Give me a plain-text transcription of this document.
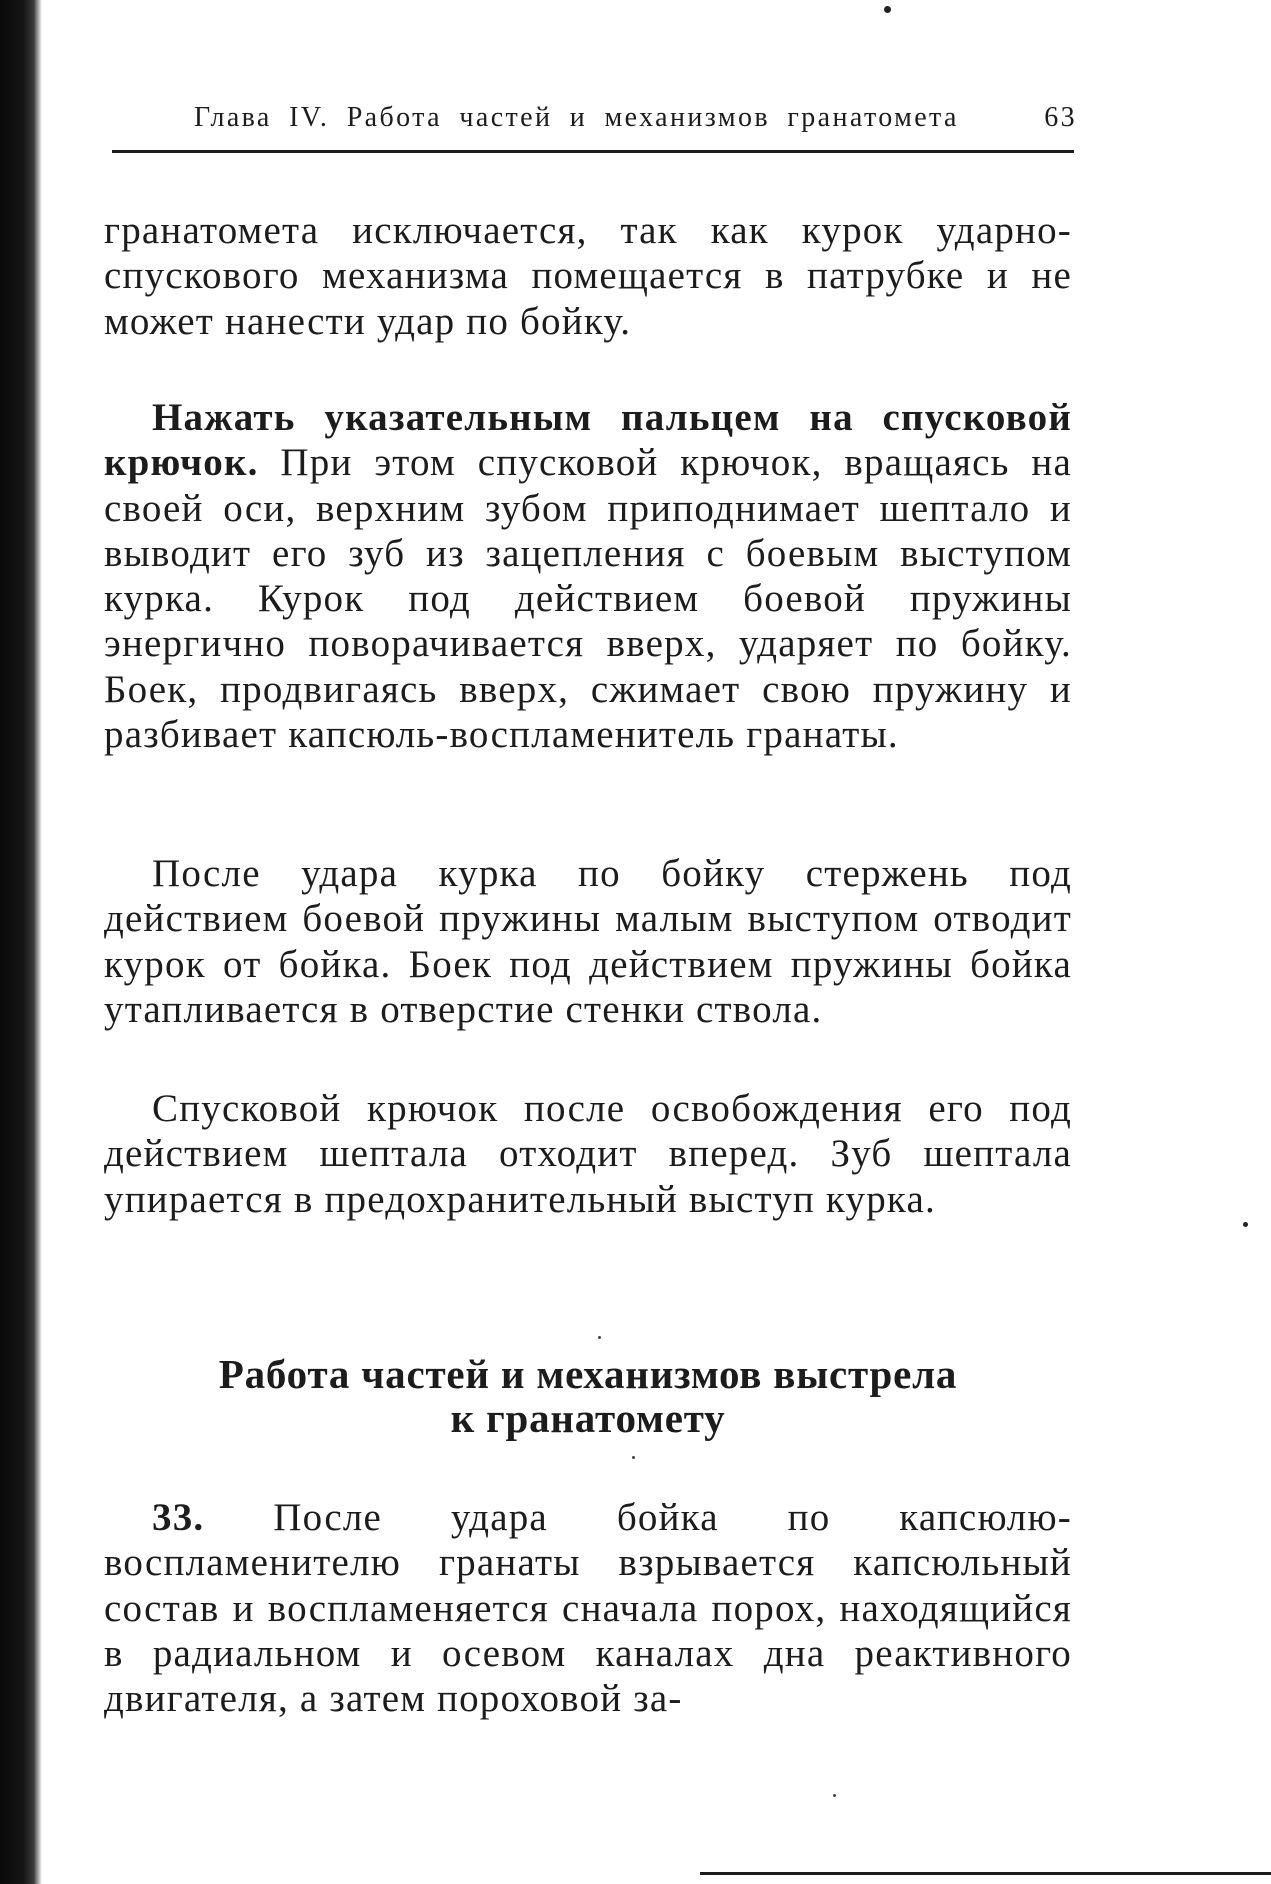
Глава IV. Работа частей и механизмов гранатомета	63

гранатомета исключается, так как курок ударно-спускового механизма помещается в патрубке и не может нанести удар по бойку.

Нажать указательным пальцем на спусковой крючок. При этом спусковой крючок, вращаясь на своей оси, верхним зубом приподнимает шептало и выводит его зуб из зацепления с боевым выступом курка. Курок под действием боевой пружины энергично поворачивается вверх, ударяет по бойку. Боек, продвигаясь вверх, сжимает свою пружину и разбивает капсюль-воспламенитель гранаты.

После удара курка по бойку стержень под действием боевой пружины малым выступом отводит курок от бойка. Боек под действием пружины бойка утапливается в отверстие стенки ствола.

Спусковой крючок после освобождения его под действием шептала отходит вперед. Зуб шептала упирается в предохранительный выступ курка.

Работа частей и механизмов выстрела
к гранатомету

33. После удара бойка по капсюлю-воспламенителю гранаты взрывается капсюльный состав и воспламеняется сначала порох, находящийся в радиальном и осевом каналах дна реактивного двигателя, а затем пороховой за-
